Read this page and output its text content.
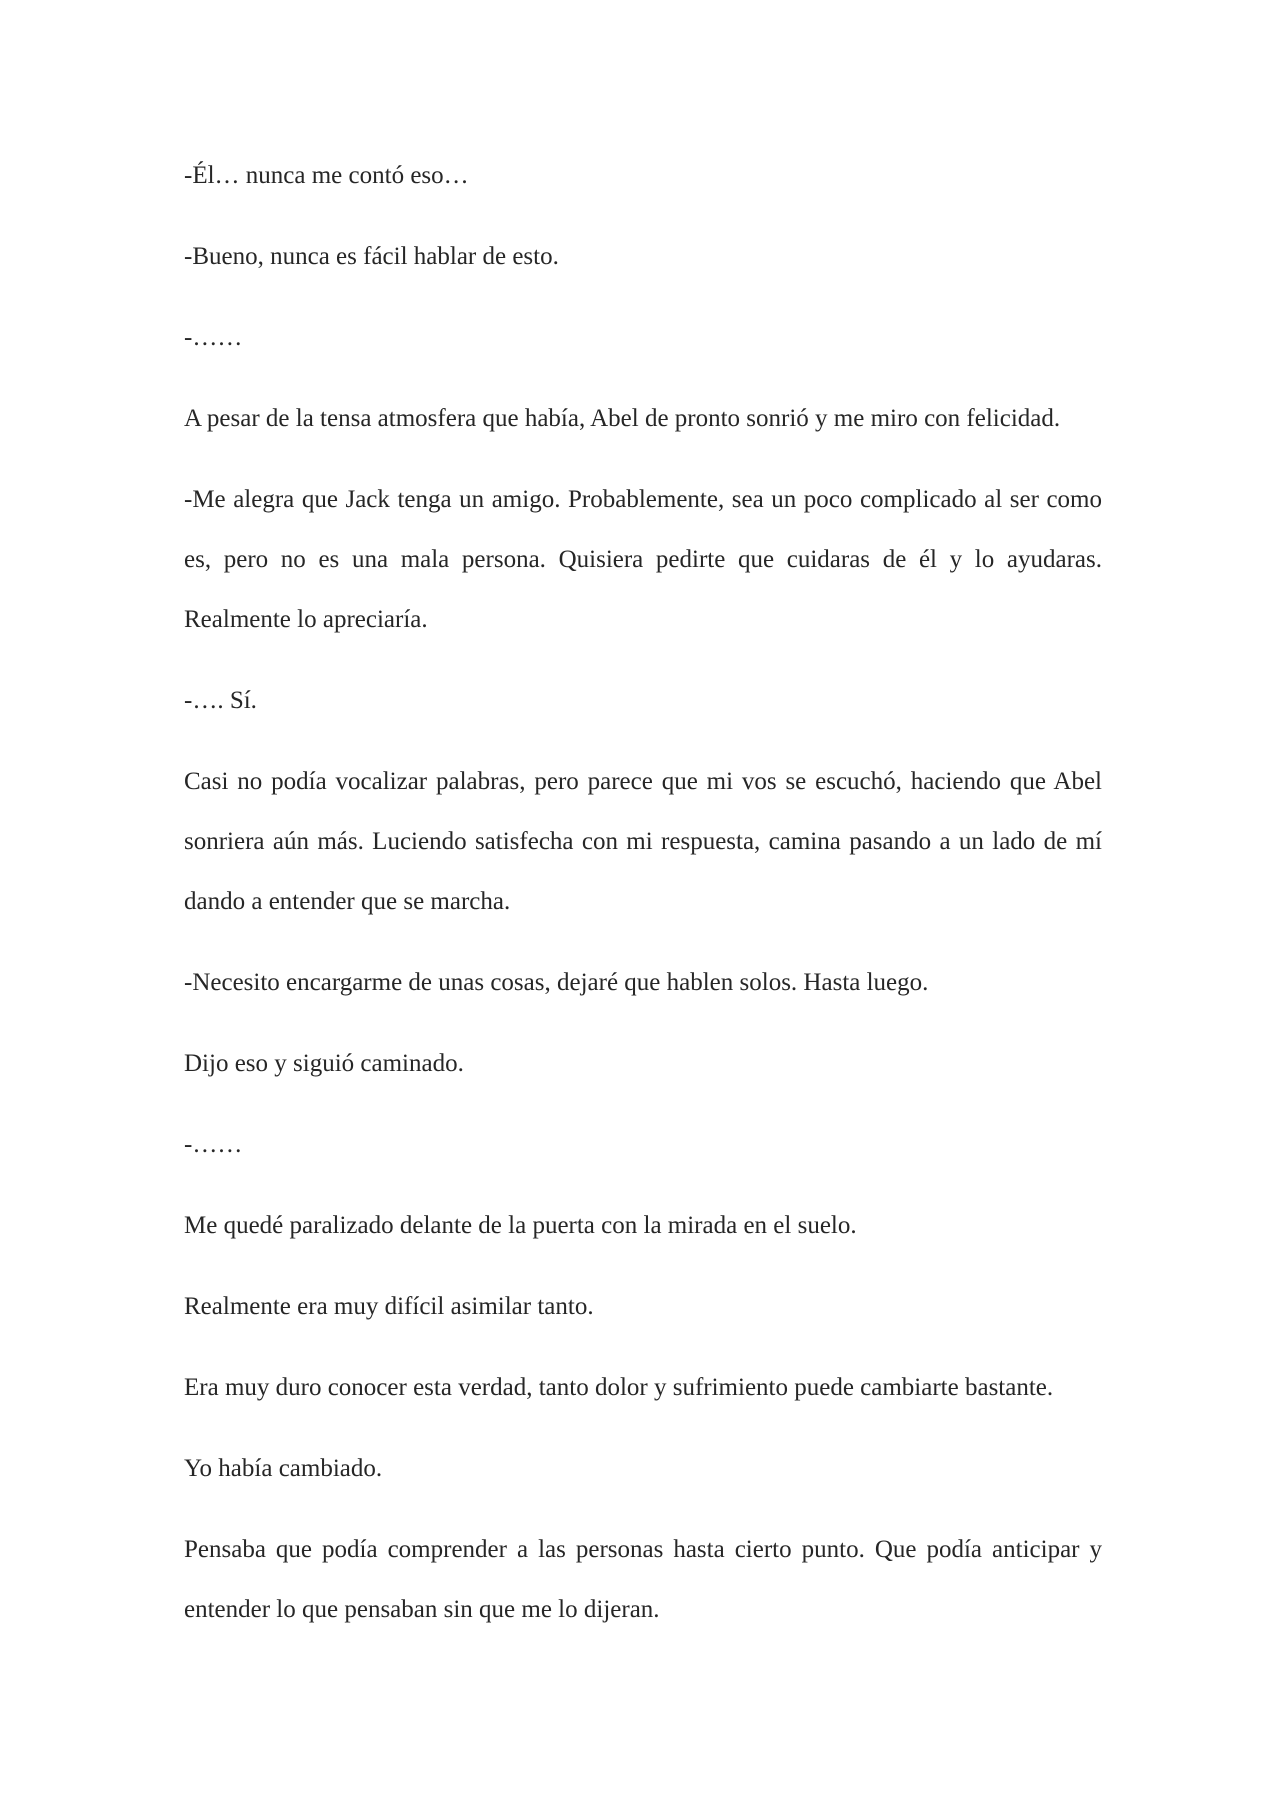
-Él… nunca me contó eso…

-Bueno, nunca es fácil hablar de esto.

-……

A pesar de la tensa atmosfera que había, Abel de pronto sonrió y me miro con felicidad.

-Me alegra que Jack tenga un amigo. Probablemente, sea un poco complicado al ser como es, pero no es una mala persona. Quisiera pedirte que cuidaras de él y lo ayudaras. Realmente lo apreciaría.

-…. Sí.

Casi no podía vocalizar palabras, pero parece que mi vos se escuchó, haciendo que Abel sonriera aún más. Luciendo satisfecha con mi respuesta, camina pasando a un lado de mí dando a entender que se marcha.

-Necesito encargarme de unas cosas, dejaré que hablen solos. Hasta luego.

Dijo eso y siguió caminado.

-……

Me quedé paralizado delante de la puerta con la mirada en el suelo.

Realmente era muy difícil asimilar tanto.

Era muy duro conocer esta verdad, tanto dolor y sufrimiento puede cambiarte bastante.

Yo había cambiado.

Pensaba que podía comprender a las personas hasta cierto punto. Que podía anticipar y entender lo que pensaban sin que me lo dijeran.
